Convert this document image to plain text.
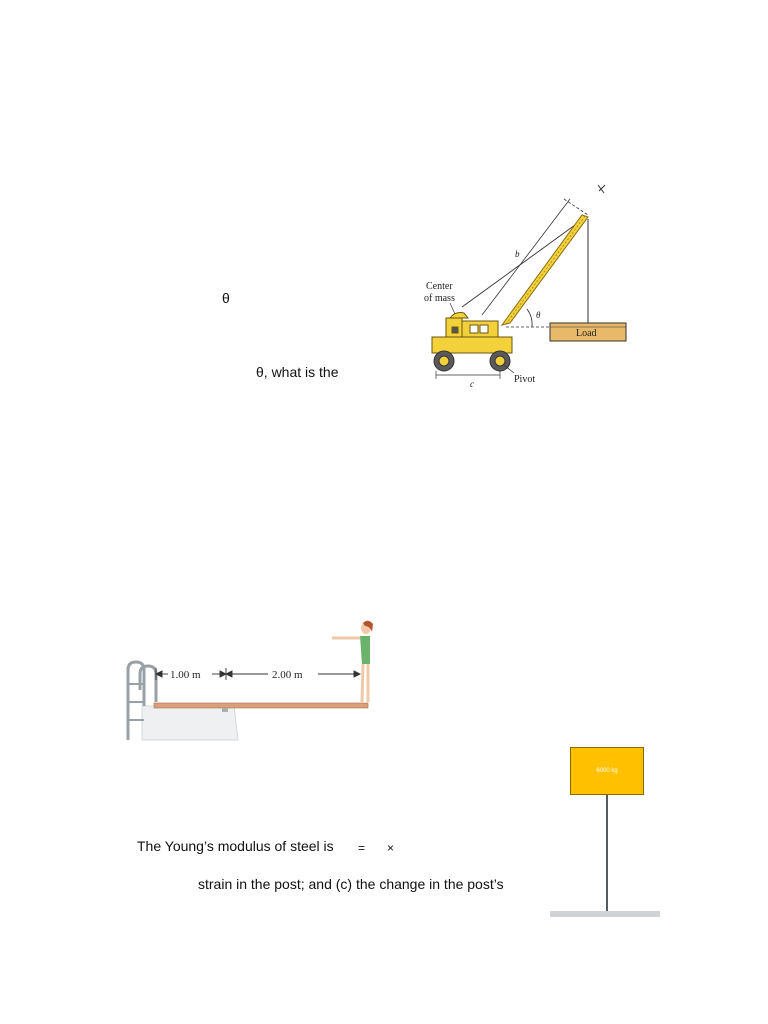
θ
θ, what is the
θ
b
Center
of mass
Load
c	Pivot
1.00 m	2.00 m
The Young’s modulus of steel is = ×
strain in the post; and (c) the change in the post’s
6000 kg
